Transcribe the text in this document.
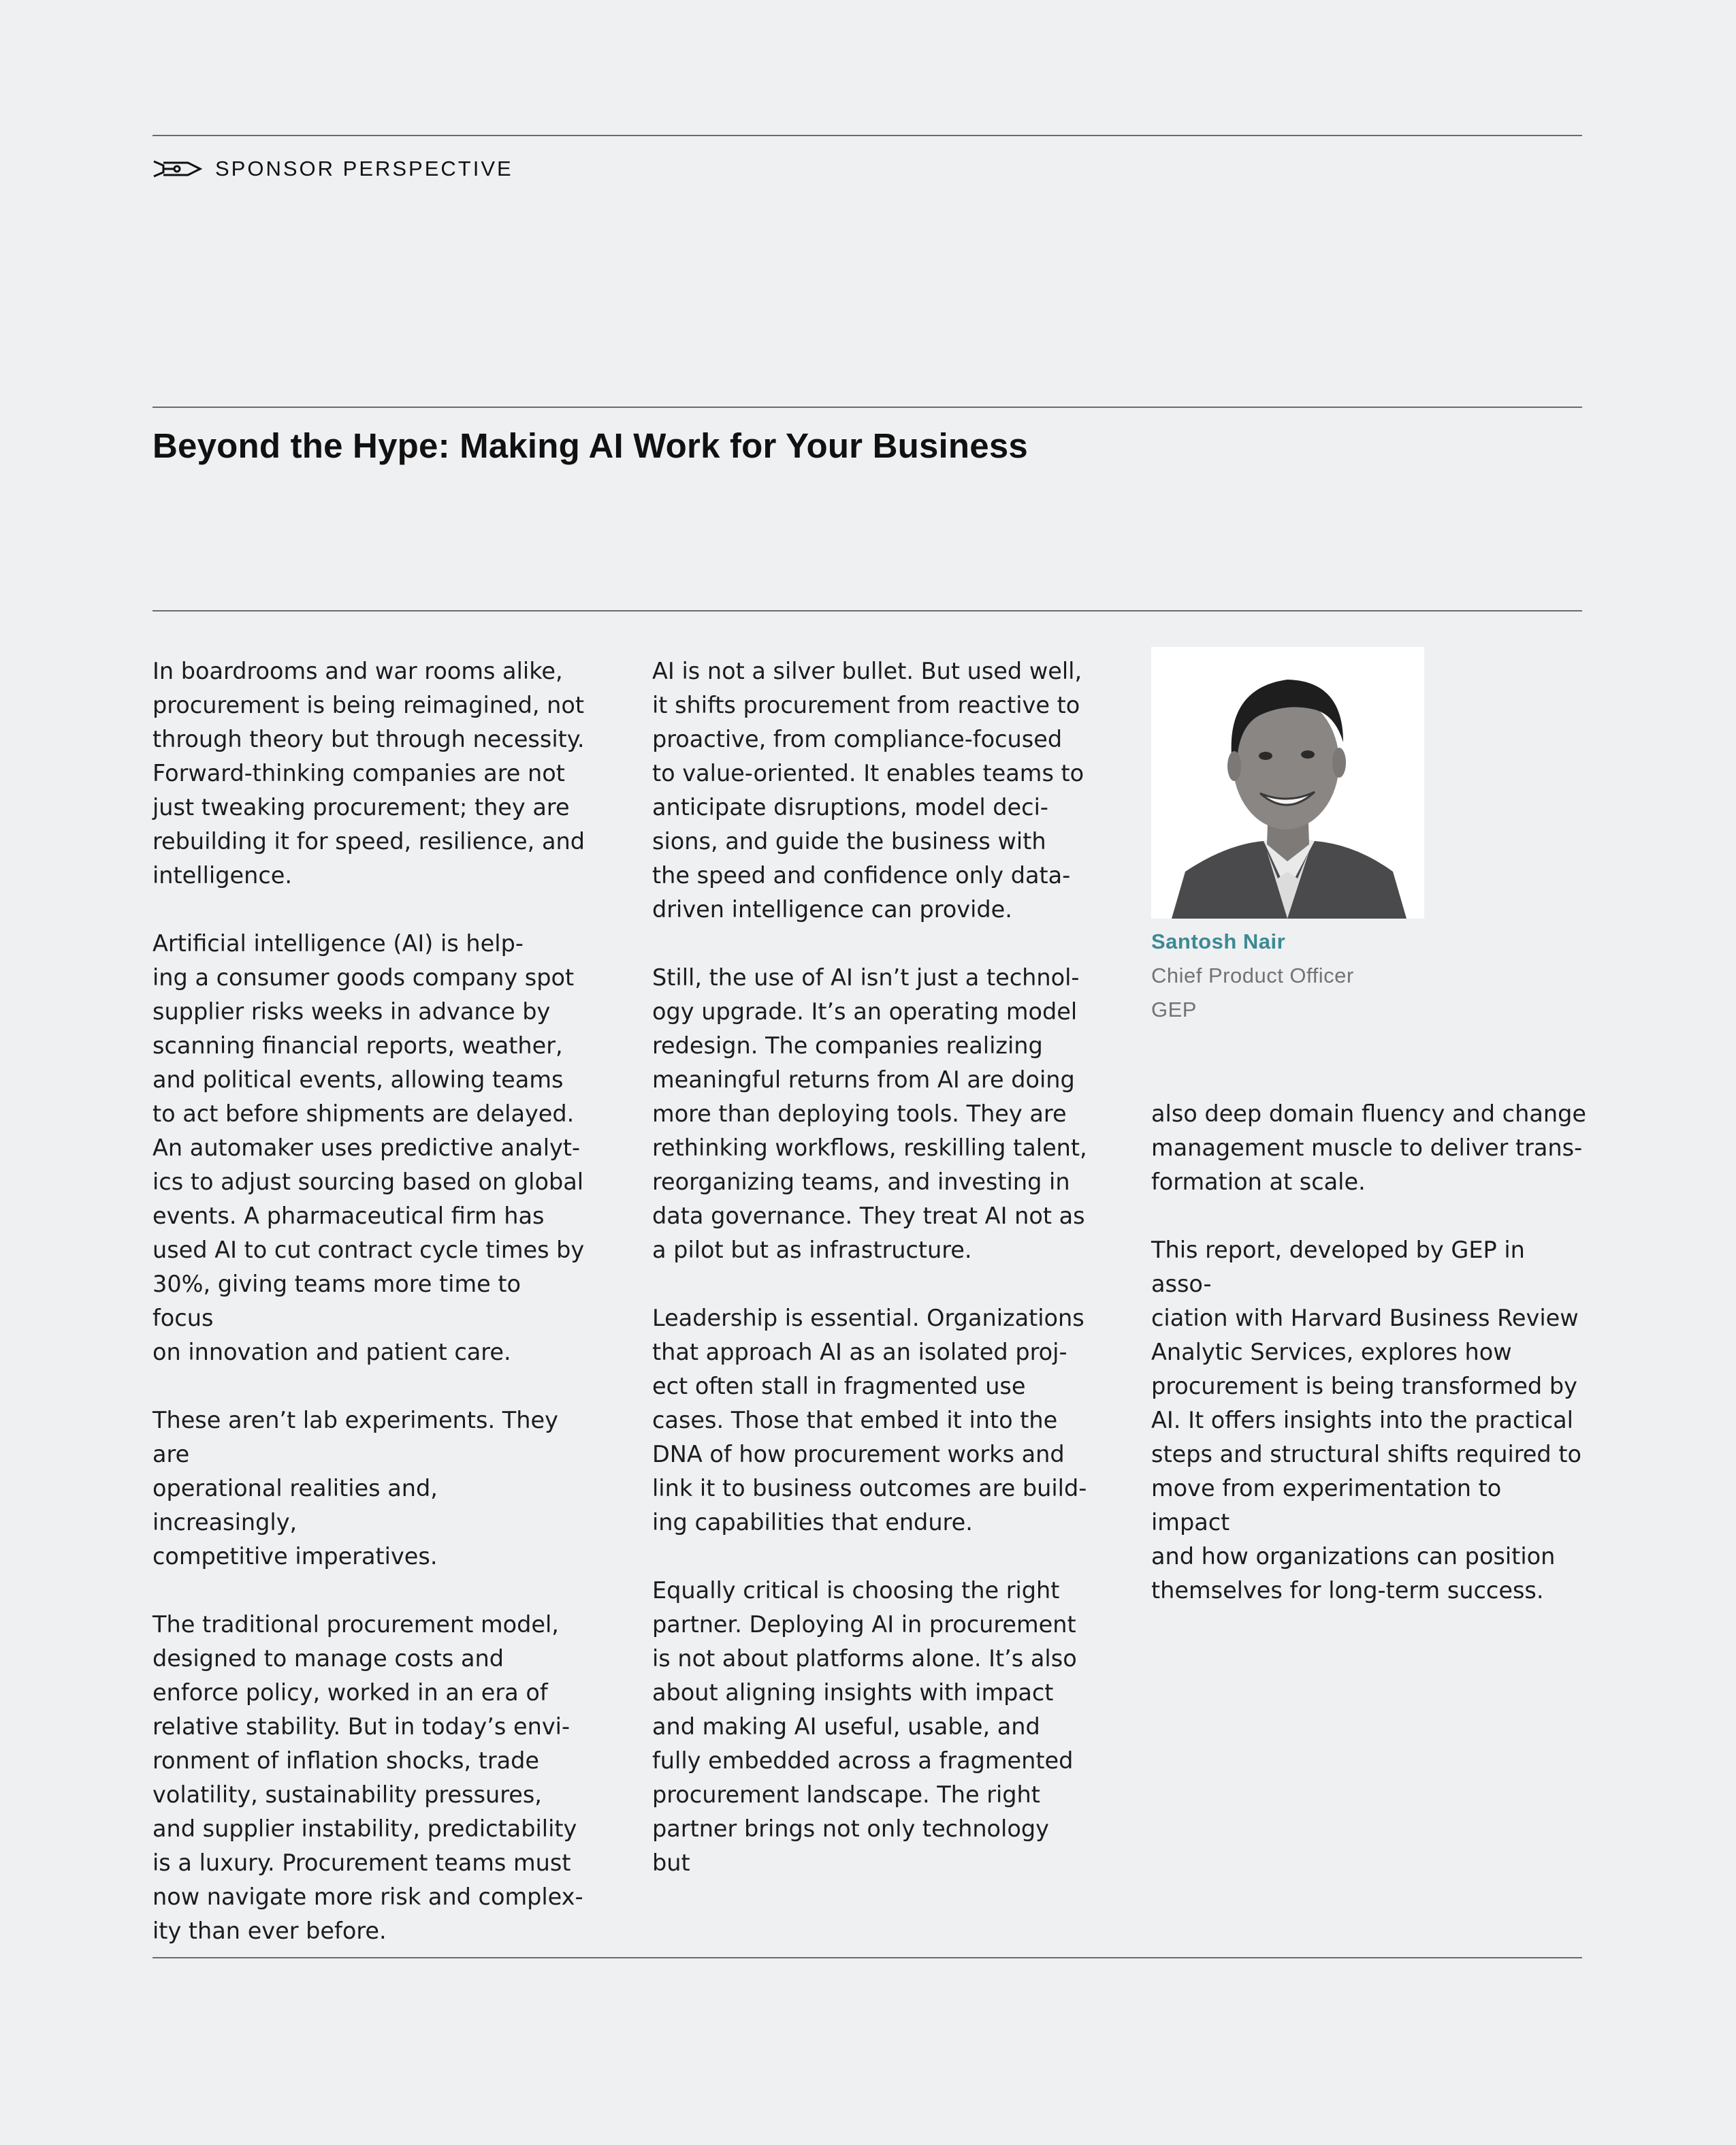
SPONSOR PERSPECTIVE
Beyond the Hype: Making AI Work for Your Business

In boardrooms and war rooms alike,
procurement is being reimagined, not
through theory but through necessity.
Forward-thinking companies are not
just tweaking procurement; they are
rebuilding it for speed, resilience, and
intelligence.

Artificial intelligence (AI) is help-
ing a consumer goods company spot
supplier risks weeks in advance by
scanning financial reports, weather,
and political events, allowing teams
to act before shipments are delayed.
An automaker uses predictive analyt-
ics to adjust sourcing based on global
events. A pharmaceutical firm has
used AI to cut contract cycle times by
30%, giving teams more time to focus
on innovation and patient care.

These aren’t lab experiments. They are
operational realities and, increasingly,
competitive imperatives.

The traditional procurement model,
designed to manage costs and
enforce policy, worked in an era of
relative stability. But in today’s envi-
ronment of inflation shocks, trade
volatility, sustainability pressures,
and supplier instability, predictability
is a luxury. Procurement teams must
now navigate more risk and complex-
ity than ever before.

AI is not a silver bullet. But used well,
it shifts procurement from reactive to
proactive, from compliance-focused
to value-oriented. It enables teams to
anticipate disruptions, model deci-
sions, and guide the business with
the speed and confidence only data-
driven intelligence can provide.

Still, the use of AI isn’t just a technol-
ogy upgrade. It’s an operating model
redesign. The companies realizing
meaningful returns from AI are doing
more than deploying tools. They are
rethinking workflows, reskilling talent,
reorganizing teams, and investing in
data governance. They treat AI not as
a pilot but as infrastructure.

Leadership is essential. Organizations
that approach AI as an isolated proj-
ect often stall in fragmented use
cases. Those that embed it into the
DNA of how procurement works and
link it to business outcomes are build-
ing capabilities that endure.

Equally critical is choosing the right
partner. Deploying AI in procurement
is not about platforms alone. It’s also
about aligning insights with impact
and making AI useful, usable, and
fully embedded across a fragmented
procurement landscape. The right
partner brings not only technology but

Santosh Nair
Chief Product Officer
GEP

also deep domain fluency and change
management muscle to deliver trans-
formation at scale.

This report, developed by GEP in asso-
ciation with Harvard Business Review
Analytic Services, explores how
procurement is being transformed by
AI. It offers insights into the practical
steps and structural shifts required to
move from experimentation to impact
and how organizations can position
themselves for long-term success.
